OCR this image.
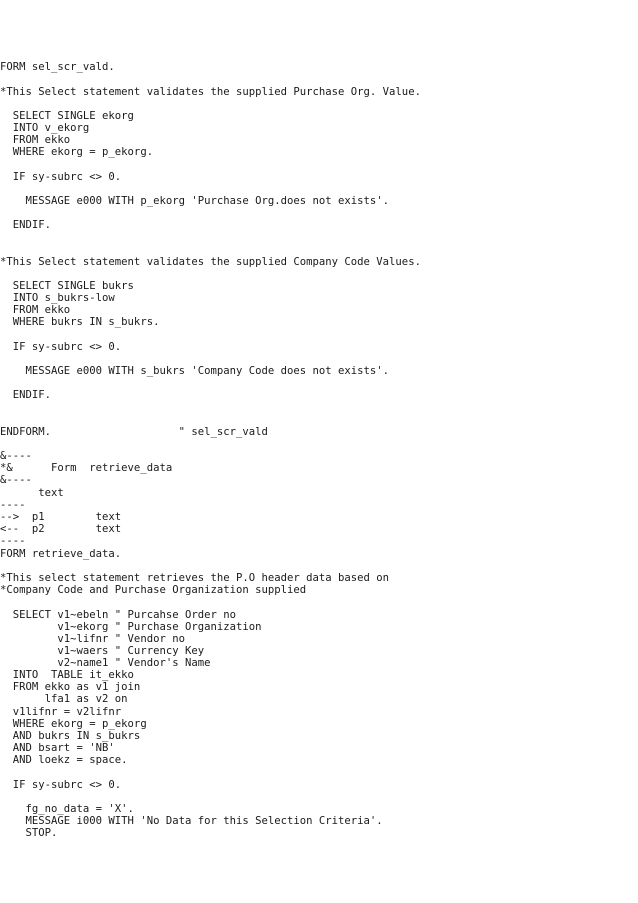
FORM sel_scr_vald.
*This Select statement validates the supplied Purchase Org. Value.
SELECT SINGLE ekorg
INTO v_ekorg
FROM ekko
WHERE ekorg = p_ekorg.
IF sy-subrc <> 0.
MESSAGE e000 WITH p_ekorg 'Purchase Org.does not exists'.
ENDIF.
*This Select statement validates the supplied Company Code Values.
SELECT SINGLE bukrs
INTO s_bukrs-low
FROM ekko
WHERE bukrs IN s_bukrs.
IF sy-subrc <> 0.
MESSAGE e000 WITH s_bukrs 'Company Code does not exists'.
ENDIF.
ENDFORM.                    " sel_scr_vald
&----
*&      Form  retrieve_data
&----
text
----
-->  p1        text
<--  p2        text
----
FORM retrieve_data.
*This select statement retrieves the P.O header data based on
*Company Code and Purchase Organization supplied
SELECT v1~ebeln " Purcahse Order no
v1~ekorg " Purchase Organization
v1~lifnr " Vendor no
v1~waers " Currency Key
v2~name1 " Vendor's Name
INTO  TABLE it_ekko
FROM ekko as v1 join
lfa1 as v2 on
v1lifnr = v2lifnr
WHERE ekorg = p_ekorg
AND bukrs IN s_bukrs
AND bsart = 'NB'
AND loekz = space.
IF sy-subrc <> 0.
fg_no_data = 'X'.
MESSAGE i000 WITH 'No Data for this Selection Criteria'.
STOP.
